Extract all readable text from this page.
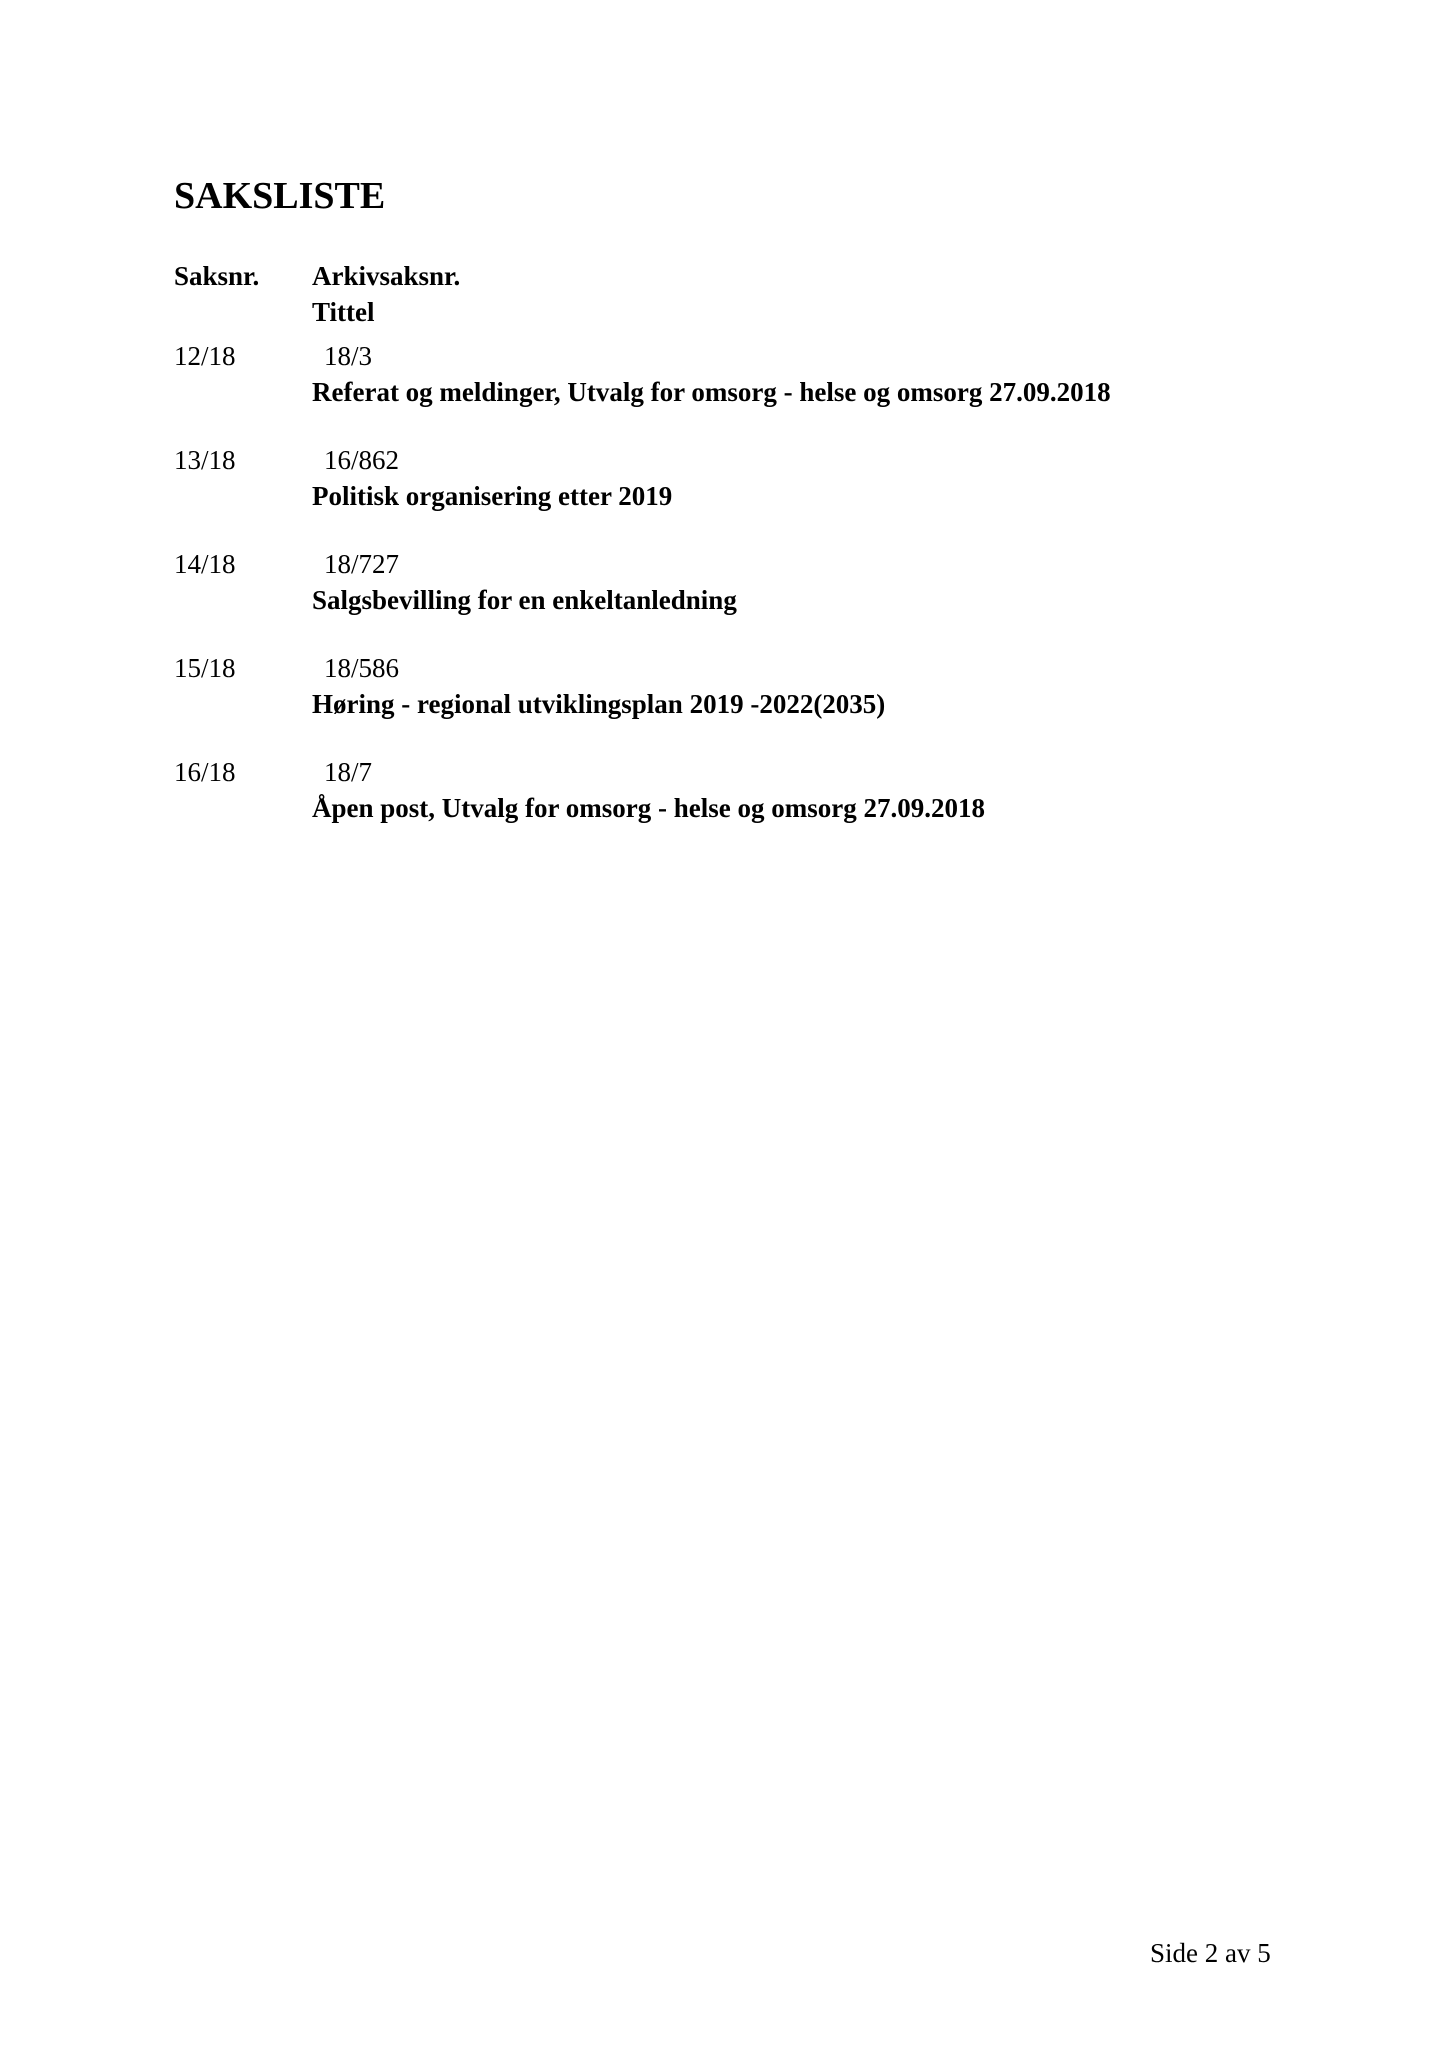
SAKSLISTE
Saksnr. Arkivsaksnr.
Tittel
12/18	18/3
Referat og meldinger, Utvalg for omsorg - helse og omsorg 27.09.2018
13/18	16/862
Politisk organisering etter 2019
14/18	18/727
Salgsbevilling for en enkeltanledning
15/18	18/586
Høring - regional utviklingsplan 2019 -2022(2035)
16/18	18/7
Åpen post, Utvalg for omsorg - helse og omsorg 27.09.2018
Side 2 av 5
